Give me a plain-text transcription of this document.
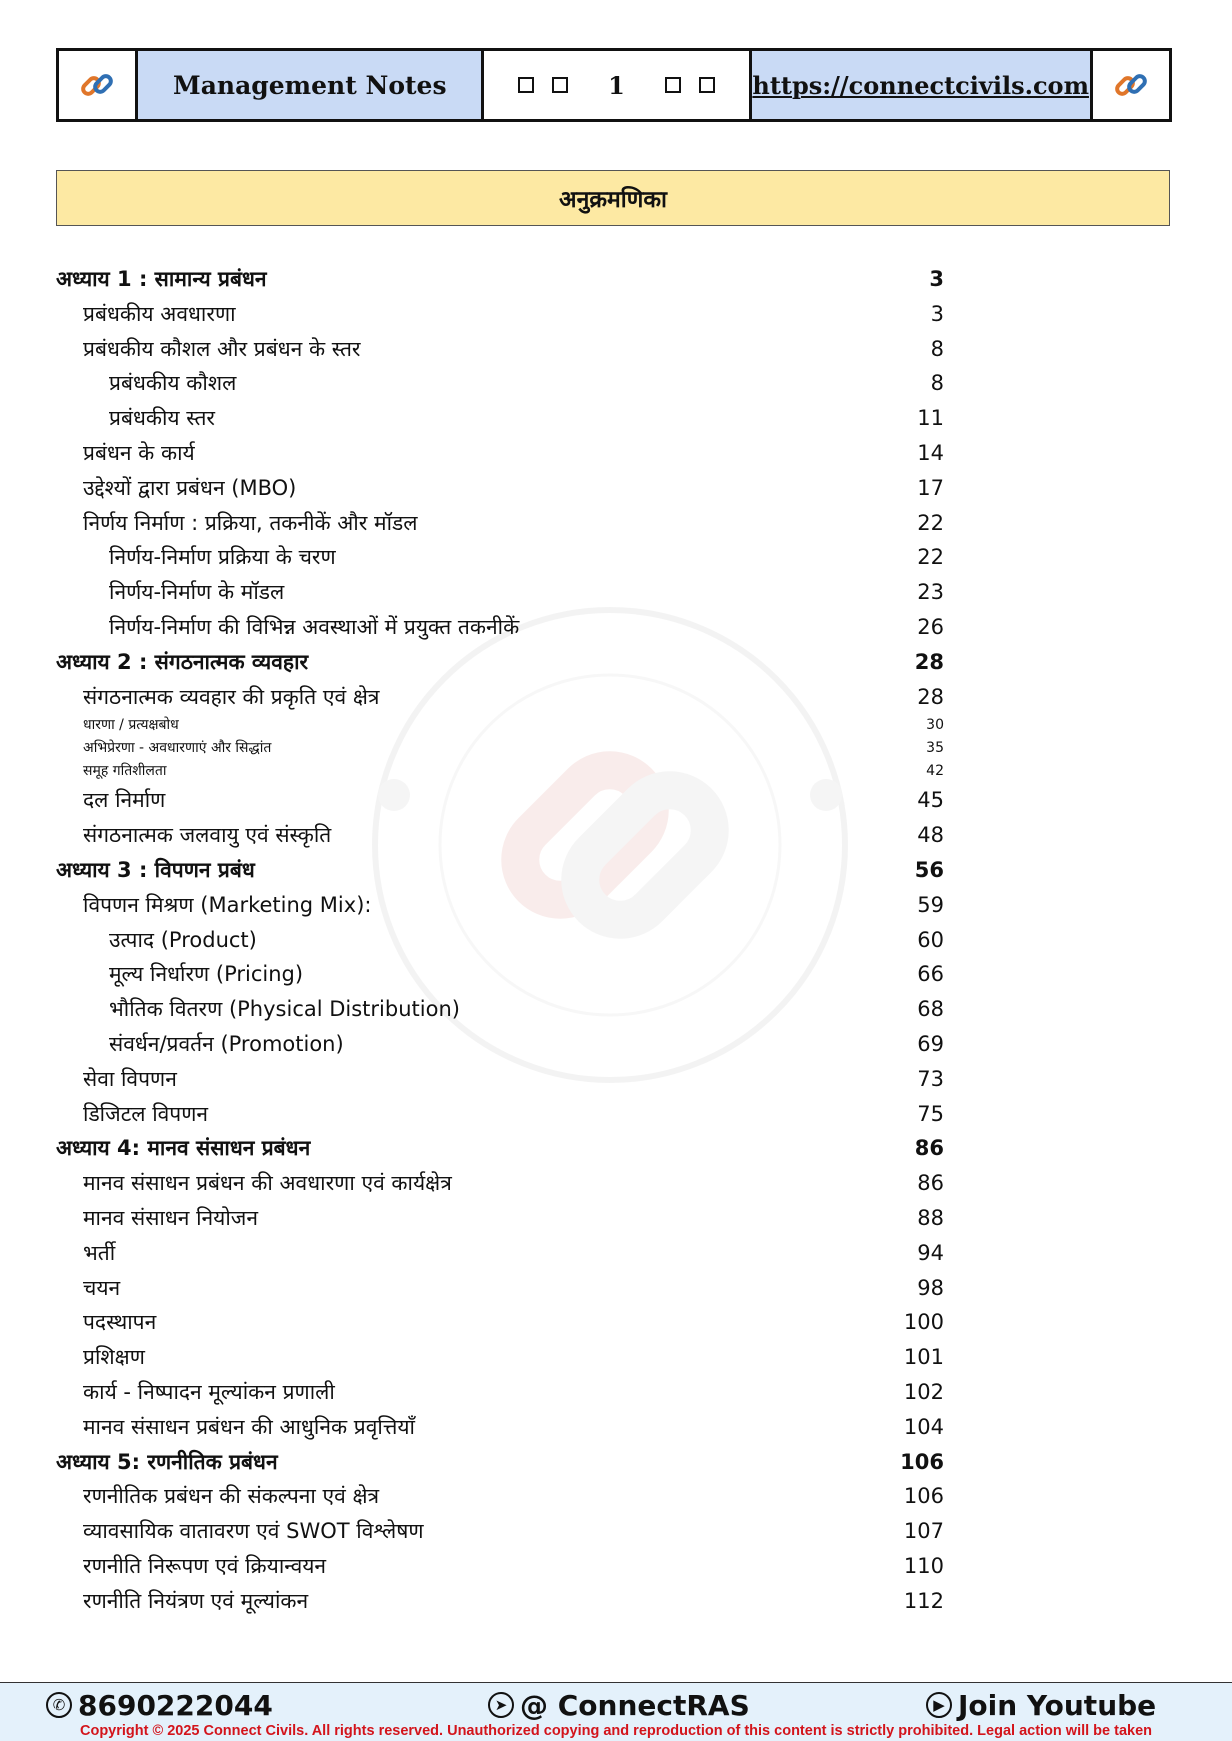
Management Notes	1	https://connectcivils.com
अनुक्रमणिका
अध्याय 1 : सामान्य प्रबंधन	3
प्रबंधकीय अवधारणा	3
प्रबंधकीय कौशल और प्रबंधन के स्तर	8
प्रबंधकीय कौशल	8
प्रबंधकीय स्तर	11
प्रबंधन के कार्य	14
उद्देश्यों द्वारा प्रबंधन (MBO)	17
निर्णय निर्माण : प्रक्रिया, तकनीकें और मॉडल	22
निर्णय-निर्माण प्रक्रिया के चरण	22
निर्णय-निर्माण के मॉडल	23
निर्णय-निर्माण की विभिन्न अवस्थाओं में प्रयुक्त तकनीकें	26
अध्याय 2 : संगठनात्मक व्यवहार	28
संगठनात्मक व्यवहार की प्रकृति एवं क्षेत्र	28
धारणा / प्रत्यक्षबोध	30
अभिप्रेरणा - अवधारणाएं और सिद्धांत	35
समूह गतिशीलता	42
दल निर्माण	45
संगठनात्मक जलवायु एवं संस्कृति	48
अध्याय 3 : विपणन प्रबंध	56
विपणन मिश्रण (Marketing Mix):	59
उत्पाद (Product)	60
मूल्य निर्धारण (Pricing)	66
भौतिक वितरण (Physical Distribution)	68
संवर्धन/प्रवर्तन (Promotion)	69
सेवा विपणन	73
डिजिटल विपणन	75
अध्याय 4: मानव संसाधन प्रबंधन	86
मानव संसाधन प्रबंधन की अवधारणा एवं कार्यक्षेत्र	86
मानव संसाधन नियोजन	88
भर्ती	94
चयन	98
पदस्थापन	100
प्रशिक्षण	101
कार्य - निष्पादन मूल्यांकन प्रणाली	102
मानव संसाधन प्रबंधन की आधुनिक प्रवृत्तियाँ	104
अध्याय 5: रणनीतिक प्रबंधन	106
रणनीतिक प्रबंधन की संकल्पना एवं क्षेत्र	106
व्यावसायिक वातावरण एवं SWOT विश्लेषण	107
रणनीति निरूपण एवं क्रियान्वयन	110
रणनीति नियंत्रण एवं मूल्यांकन	112
✆ 8690222044	➤ @ ConnectRAS	▶ Join Youtube
Copyright © 2025 Connect Civils. All rights reserved. Unauthorized copying and reproduction of this content is strictly prohibited. Legal action will be taken
